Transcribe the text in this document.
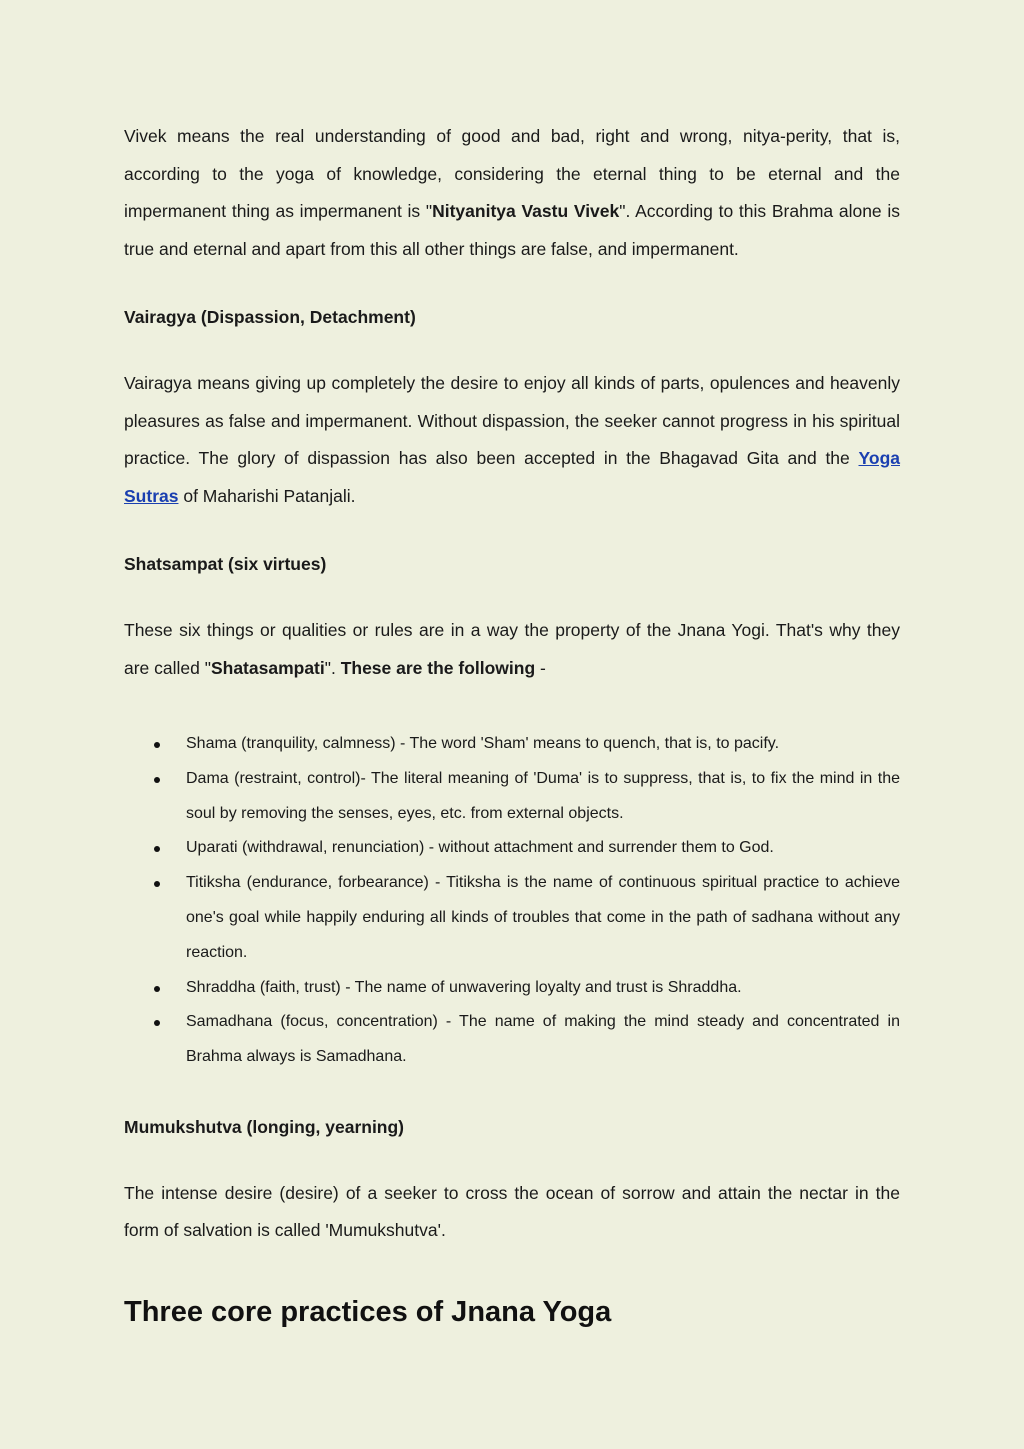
Vivek means the real understanding of good and bad, right and wrong, nitya-perity, that is, according to the yoga of knowledge, considering the eternal thing to be eternal and the impermanent thing as impermanent is "Nityanitya Vastu Vivek". According to this Brahma alone is true and eternal and apart from this all other things are false, and impermanent.

Vairagya (Dispassion, Detachment)

Vairagya means giving up completely the desire to enjoy all kinds of parts, opulences and heavenly pleasures as false and impermanent. Without dispassion, the seeker cannot progress in his spiritual practice. The glory of dispassion has also been accepted in the Bhagavad Gita and the Yoga Sutras of Maharishi Patanjali.

Shatsampat (six virtues)

These six things or qualities or rules are in a way the property of the Jnana Yogi. That's why they are called "Shatasampati". These are the following -

Shama (tranquility, calmness) - The word 'Sham' means to quench, that is, to pacify.
Dama (restraint, control)- The literal meaning of 'Duma' is to suppress, that is, to fix the mind in the soul by removing the senses, eyes, etc. from external objects.
Uparati (withdrawal, renunciation) - without attachment and surrender them to God.
Titiksha (endurance, forbearance) - Titiksha is the name of continuous spiritual practice to achieve one's goal while happily enduring all kinds of troubles that come in the path of sadhana without any reaction.
Shraddha (faith, trust) - The name of unwavering loyalty and trust is Shraddha.
Samadhana (focus, concentration) - The name of making the mind steady and concentrated in Brahma always is Samadhana.

Mumukshutva (longing, yearning)

The intense desire (desire) of a seeker to cross the ocean of sorrow and attain the nectar in the form of salvation is called 'Mumukshutva'.

Three core practices of Jnana Yoga
